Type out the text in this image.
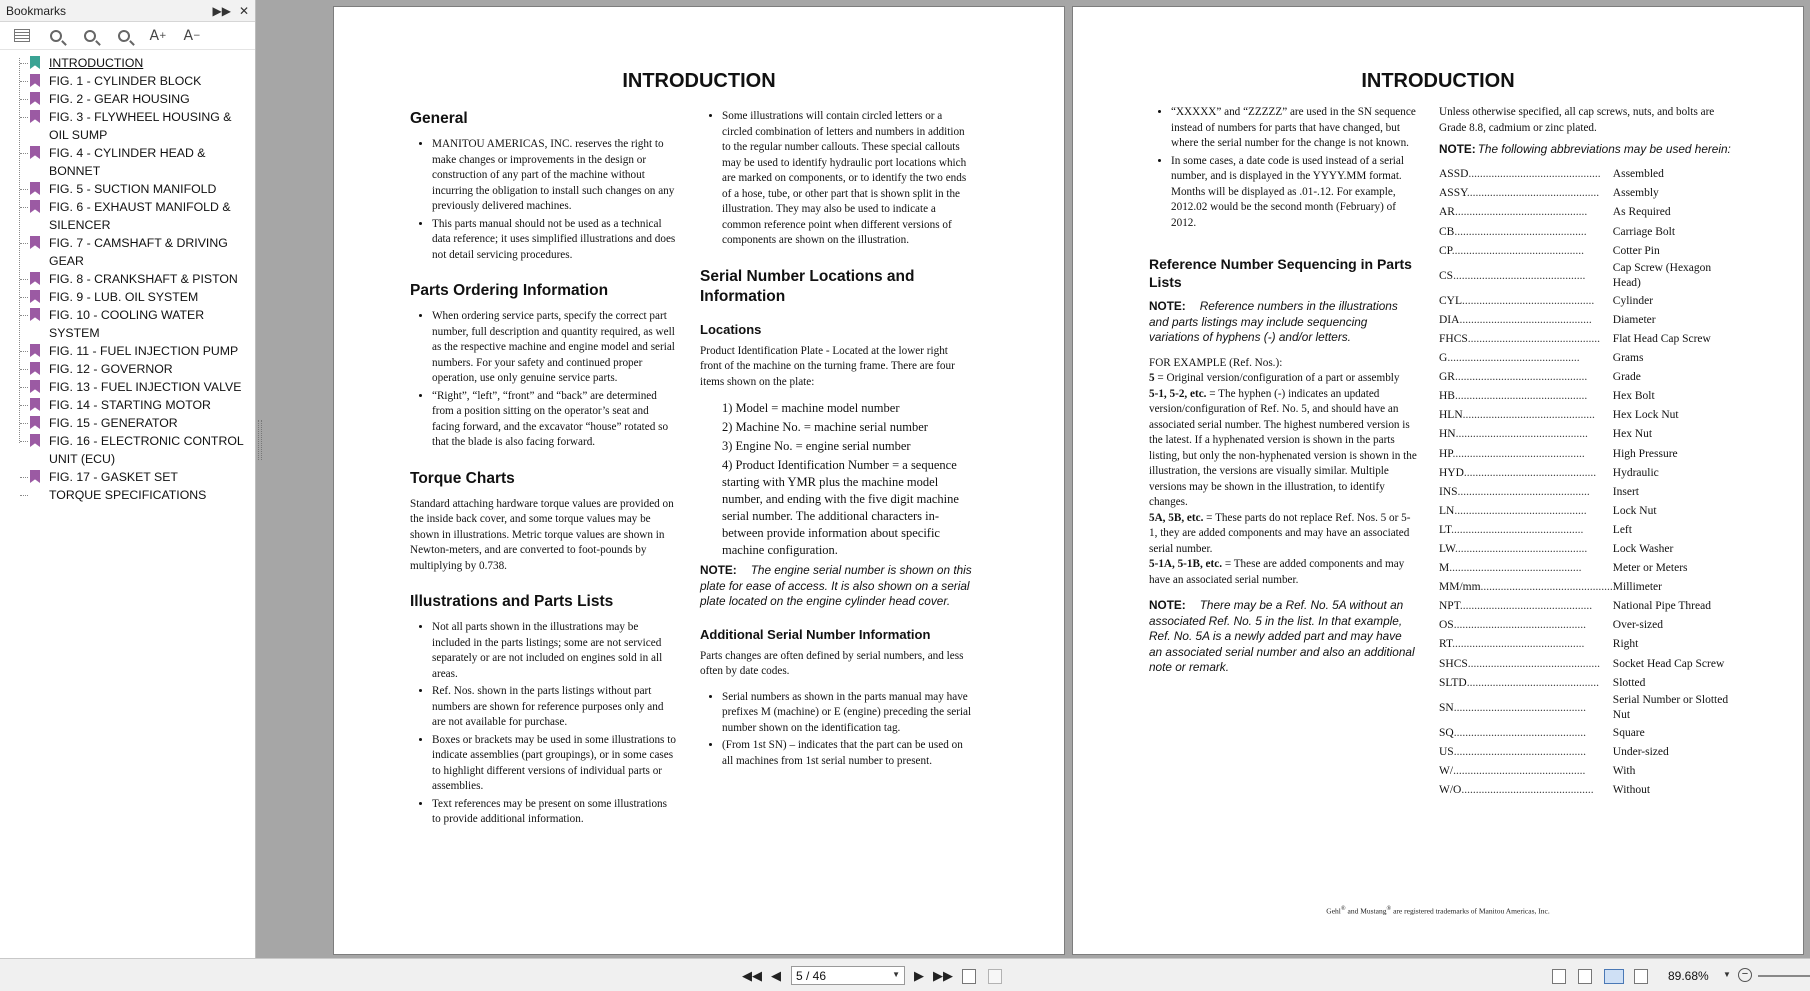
Bookmarks	▶▶ ✕
A + A −
INTRODUCTION
FIG. 1 - CYLINDER BLOCK
FIG. 2 - GEAR HOUSING
FIG. 3 - FLYWHEEL HOUSING & OIL SUMP
FIG. 4 - CYLINDER HEAD & BONNET
FIG. 5 - SUCTION MANIFOLD
FIG. 6 - EXHAUST MANIFOLD & SILENCER
FIG. 7 - CAMSHAFT & DRIVING GEAR
FIG. 8 - CRANKSHAFT & PISTON
FIG. 9 - LUB. OIL SYSTEM
FIG. 10 - COOLING WATER SYSTEM
FIG. 11 - FUEL INJECTION PUMP
FIG. 12 - GOVERNOR
FIG. 13 - FUEL INJECTION VALVE
FIG. 14 - STARTING MOTOR
FIG. 15 - GENERATOR
FIG. 16 - ELECTRONIC CONTROL UNIT (ECU)
FIG. 17 - GASKET SET
TORQUE SPECIFICATIONS
INTRODUCTION
General
• MANITOU AMERICAS, INC. reserves the right to make changes or improvements in the design or construction of any part of the machine without incurring the obligation to install such changes on any previously delivered machines.
• This parts manual should not be used as a technical data reference; it uses simplified illustrations and does not detail servicing procedures.
Parts Ordering Information
• When ordering service parts, specify the correct part number, full description and quantity required, as well as the respective machine and engine model and serial numbers. For your safety and continued proper operation, use only genuine service parts.
• “Right”, “left”, “front” and “back” are determined from a position sitting on the operator’s seat and facing forward, and the excavator “house” rotated so that the blade is also facing forward.
Torque Charts

Standard attaching hardware torque values are provided on the inside back cover, and some torque values may be shown in illustrations. Metric torque values are shown in Newton-meters, and are converted to foot-pounds by multiplying by 0.738.

Illustrations and Parts Lists
• Not all parts shown in the illustrations may be included in the parts listings; some are not serviced separately or are not included on engines sold in all areas.
• Ref. Nos. shown in the parts listings without part numbers are shown for reference purposes only and are not available for purchase.
• Boxes or brackets may be used in some illustrations to indicate assemblies (part groupings), or in some cases to highlight different versions of individual parts or assemblies.
• Text references may be present on some illustrations to provide additional information.
• Some illustrations will contain circled letters or a circled combination of letters and numbers in addition to the regular number callouts. These special callouts may be used to identify hydraulic port locations which are marked on components, or to identify the two ends of a hose, tube, or other part that is shown split in the illustration. They may also be used to indicate a common reference point when different versions of components are shown on the illustration.
Serial Number Locations and Information
Locations

Product Identification Plate - Located at the lower right front of the machine on the turning frame. There are four items shown on the plate:

1) Model = machine model number
2) Machine No. = machine serial number
3) Engine No. = engine serial number
4) Product Identification Number = a sequence starting with YMR plus the machine model number, and ending with the five digit machine serial number. The additional characters in-between provide information about specific machine configuration.
NOTE: The engine serial number is shown on this plate for ease of access. It is also shown on a serial plate located on the engine cylinder head cover.
Additional Serial Number Information

Parts changes are often defined by serial numbers, and less often by date codes.

• Serial numbers as shown in the parts manual may have prefixes M (machine) or E (engine) preceding the serial number shown on the identification tag.
• (From 1st SN) – indicates that the part can be used on all machines from 1st serial number to present.
INTRODUCTION
• “XXXXX” and “ZZZZZ” are used in the SN sequence instead of numbers for parts that have changed, but where the serial number for the change is not known.
• In some cases, a date code is used instead of a serial number, and is displayed in the YYYY.MM format. Months will be displayed as .01-.12. For example, 2012.02 would be the second month (February) of 2012.
Reference Number Sequencing in Parts Lists
NOTE: Reference numbers in the illustrations and parts listings may include sequencing variations of hyphens (-) and/or letters.

FOR EXAMPLE (Ref. Nos.):

5 = Original version/configuration of a part or assembly

5-1, 5-2, etc. = The hyphen (-) indicates an updated version/configuration of Ref. No. 5, and should have an associated serial number. The highest numbered version is the latest. If a hyphenated version is shown in the parts listing, but only the non-hyphenated version is shown in the illustration, the versions are visually similar. Multiple versions may be shown in the illustration, to identify changes.

5A, 5B, etc. = These parts do not replace Ref. Nos. 5 or 5-1, they are added components and may have an associated serial number.

5-1A, 5-1B, etc. = These are added components and may have an associated serial number.

NOTE: There may be a Ref. No. 5A without an associated Ref. No. 5 in the list. In that example, Ref. No. 5A is a newly added part and may have an associated serial number and also an additional note or remark.

Unless otherwise specified, all cap screws, nuts, and bolts are Grade 8.8, cadmium or zinc plated.

NOTE: The following abbreviations may be used herein:
ASSD..............................................	Assembled
ASSY..............................................	Assembly
AR..............................................	As Required
CB..............................................	Carriage Bolt
CP..............................................	Cotter Pin
CS..............................................	Cap Screw (Hexagon Head)
CYL..............................................	Cylinder
DIA..............................................	Diameter
FHCS..............................................	Flat Head Cap Screw
G..............................................	Grams
GR..............................................	Grade
HB..............................................	Hex Bolt
HLN..............................................	Hex Lock Nut
HN..............................................	Hex Nut
HP..............................................	High Pressure
HYD..............................................	Hydraulic
INS..............................................	Insert
LN..............................................	Lock Nut
LT..............................................	Left
LW..............................................	Lock Washer
M..............................................	Meter or Meters
MM/mm..............................................	Millimeter
NPT..............................................	National Pipe Thread
OS..............................................	Over-sized
RT..............................................	Right
SHCS..............................................	Socket Head Cap Screw
SLTD..............................................	Slotted
SN..............................................	Serial Number or Slotted Nut
SQ..............................................	Square
US..............................................	Under-sized
W/..............................................	With
W/O..............................................	Without
Gehl® and Mustang® are registered trademarks of Manitou Americas, Inc.
◀◀ ◀	5 / 46	▼	▶ ▶▶	89.68% ▼ −
